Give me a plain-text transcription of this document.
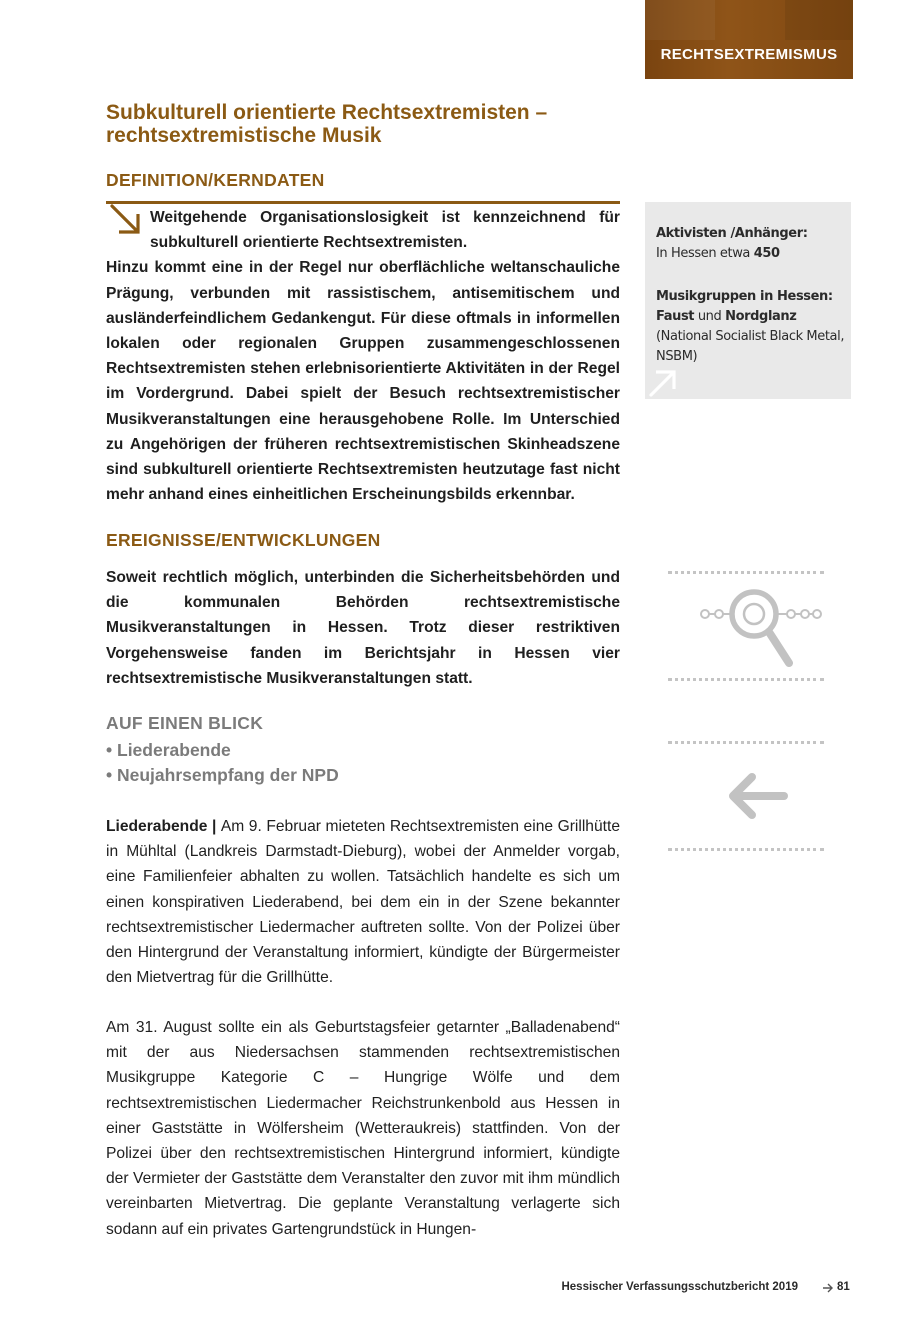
RECHTSEXTREMISMUS
Subkulturell orientierte Rechtsextremisten –
rechtsextremistische Musik
DEFINITION/KERNDATEN

Weitgehende Organisationslosigkeit ist kennzeichnend für subkulturell orientierte Rechtsextremisten.
Hinzu kommt eine in der Regel nur oberflächliche weltanschauliche Prägung, verbunden mit rassistischem, antisemitischem und ausländerfeindlichem Gedankengut. Für diese oftmals in informellen lokalen oder regionalen Gruppen zusammengeschlossenen Rechtsextremisten stehen erlebnisorientierte Aktivitäten in der Regel im Vordergrund. Dabei spielt der Besuch rechtsextremistischer Musikveranstaltungen eine herausgehobene Rolle. Im Unterschied zu Angehörigen der früheren rechtsextremistischen Skinheadszene sind subkulturell orientierte Rechtsextremisten heutzutage fast nicht mehr anhand eines einheitlichen Erscheinungsbilds erkennbar.

Aktivisten /Anhänger:
In Hessen etwa 450

Musikgruppen in Hessen:
Faust und Nordglanz (National Socialist Black Metal, NSBM)

EREIGNISSE/ENTWICKLUNGEN

Soweit rechtlich möglich, unterbinden die Sicherheitsbehörden und die kommunalen Behörden rechtsextremistische Musikveranstaltungen in Hessen. Trotz dieser restriktiven Vorgehensweise fanden im Berichtsjahr in Hessen vier rechtsextremistische Musikveranstaltungen statt.

AUF EINEN BLICK
• Liederabende
• Neujahrsempfang der NPD

Liederabende | Am 9. Februar mieteten Rechtsextremisten eine Grillhütte in Mühltal (Landkreis Darmstadt-Dieburg), wobei der Anmelder vorgab, eine Familienfeier abhalten zu wollen. Tatsächlich handelte es sich um einen konspirativen Liederabend, bei dem ein in der Szene bekannter rechtsextremistischer Liedermacher auftreten sollte. Von der Polizei über den Hintergrund der Veranstaltung informiert, kündigte der Bürgermeister den Mietvertrag für die Grillhütte.

Am 31. August sollte ein als Geburtstagsfeier getarnter „Balladenabend“ mit der aus Niedersachsen stammenden rechtsextremistischen Musikgruppe Kategorie C – Hungrige Wölfe und dem rechtsextremistischen Liedermacher Reichstrunkenbold aus Hessen in einer Gaststätte in Wölfersheim (Wetteraukreis) stattfinden. Von der Polizei über den rechtsextremistischen Hintergrund informiert, kündigte der Vermieter der Gaststätte dem Veranstalter den zuvor mit ihm mündlich vereinbarten Mietvertrag. Die geplante Veranstaltung verlagerte sich sodann auf ein privates Gartengrundstück in Hungen-

Hessischer Verfassungsschutzbericht 2019	81
